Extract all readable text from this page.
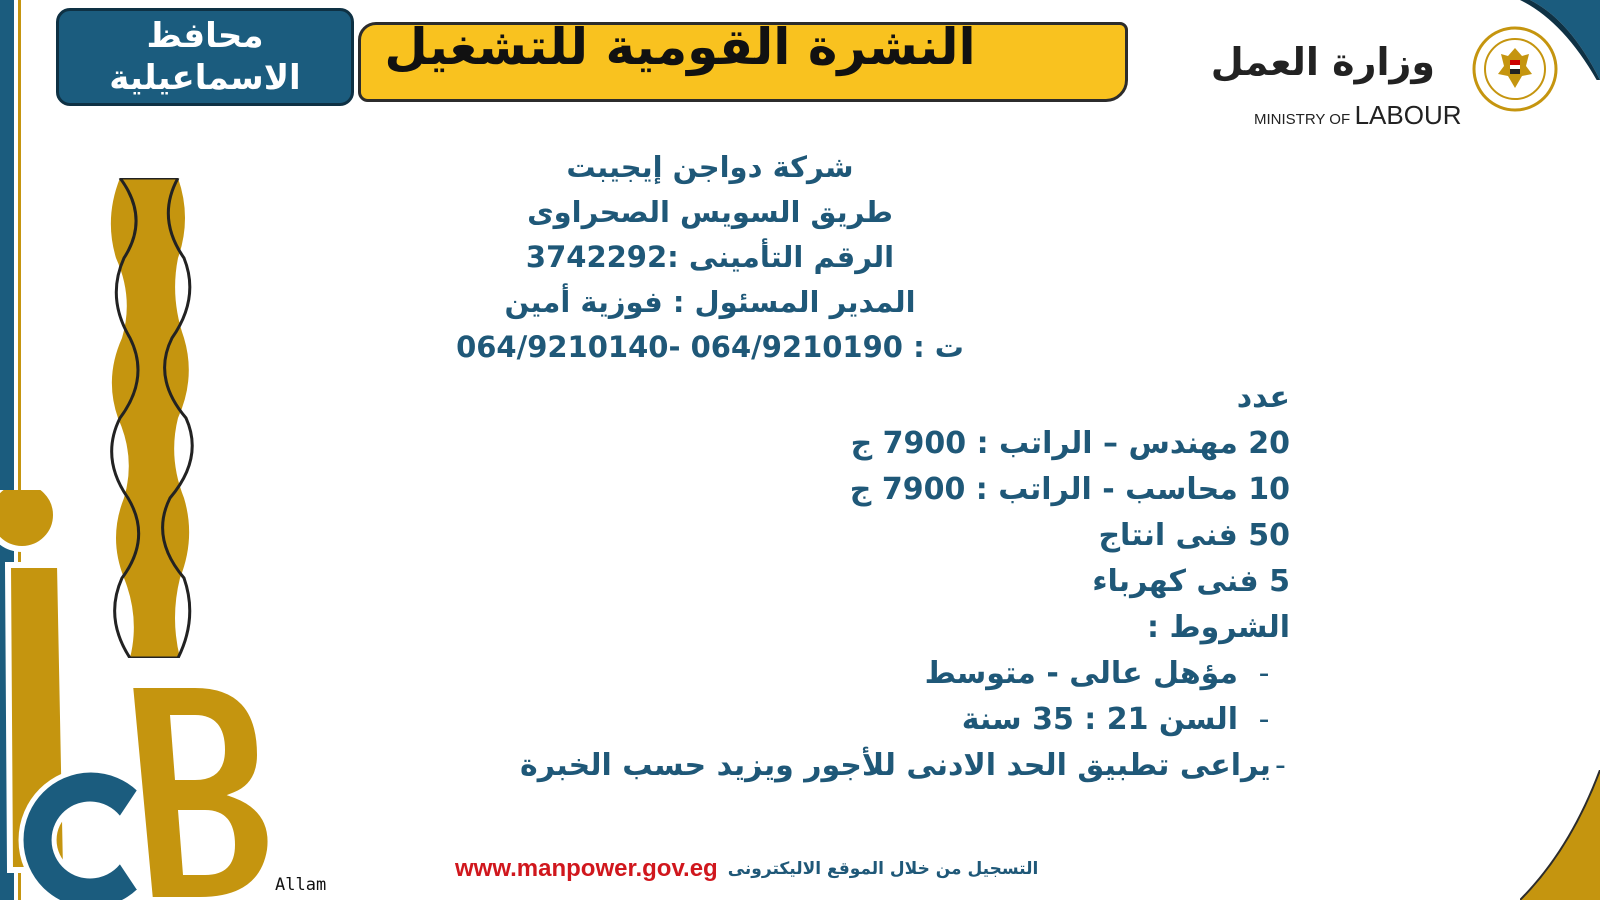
محافظ
الاسماعيلية
النشرة القومية للتشغيل	وزارة العمل
MINISTRY OF LABOUR
Allam
شركة دواجن إيجيبت
طريق السويس الصحراوى
الرقم التأمينى :3742292
المدير المسئول : فوزية أمين
ت : 064/9210190 -064/9210140
عدد
20 مهندس – الراتب : 7900 ج
10 محاسب - الراتب : 7900 ج
50 فنى انتاج
5 فنى كهرباء
الشروط :
-
مؤهل عالى - متوسط
-
السن 21 : 35 سنة
-
يراعى تطبيق الحد الادنى للأجور ويزيد حسب الخبرة
www.manpower.gov.eg التسجيل من خلال الموقع الاليكترونى
